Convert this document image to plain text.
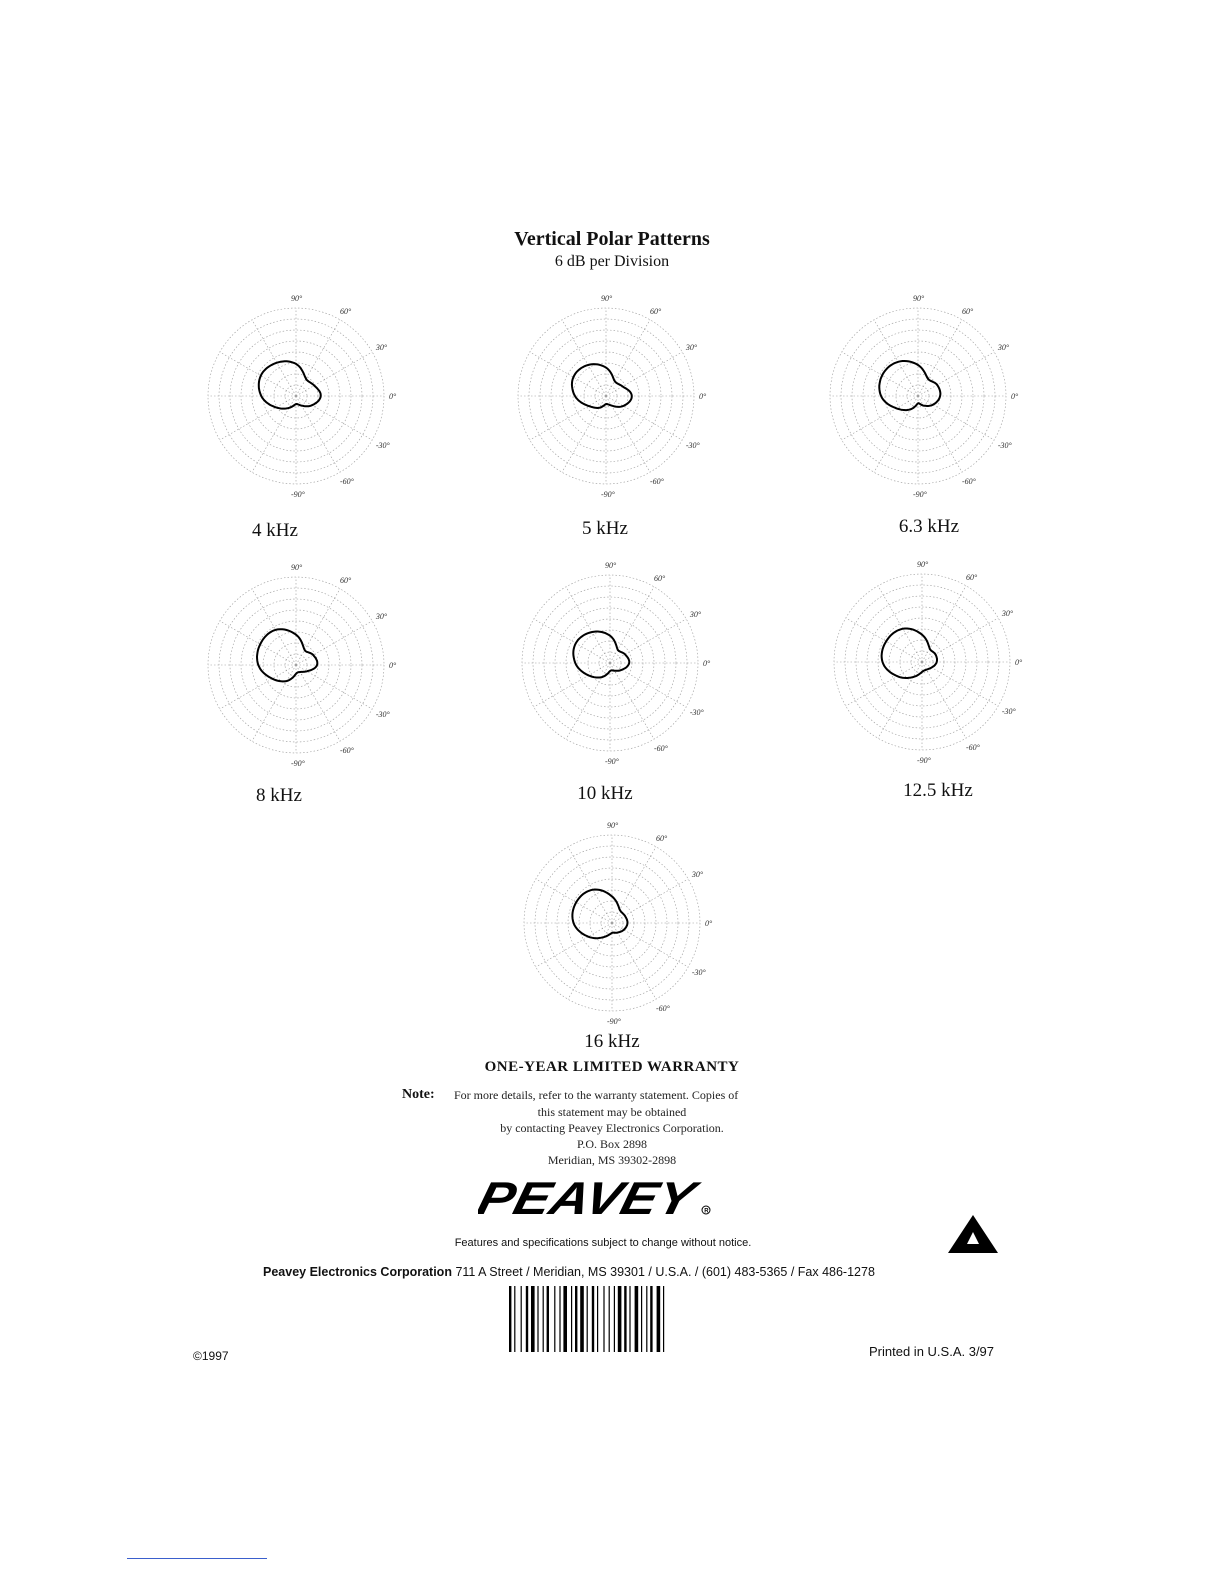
Vertical Polar Patterns
6 dB per Division
90°
60°
30°
0°
-30°
-60°
-90°
90°
60°
30°
0°
-30°
-60°
-90°
90°
60°
30°
0°
-30°
-60°
-90°
90°
60°
30°
0°
-30°
-60°
-90°
90°
60°
30°
0°
-30°
-60°
-90°
90°
60°
30°
0°
-30°
-60°
-90°
90°
60°
30°
0°
-30°
-60°
-90°
4 kHz	5 kHz	6.3 kHz
8 kHz	10 kHz	12.5 kHz
16 kHz
ONE-YEAR LIMITED WARRANTY
Note: For more details, refer to the warranty statement. Copies of
this statement may be obtained
by contacting Peavey Electronics Corporation.
P.O. Box 2898
Meridian, MS 39302-2898
PEAVEY	R
Features and specifications subject to change without notice.
Peavey Electronics Corporation 711 A Street / Meridian, MS 39301 / U.S.A. / (601) 483-5365 / Fax 486-1278
©1997	Printed in U.S.A. 3/97
